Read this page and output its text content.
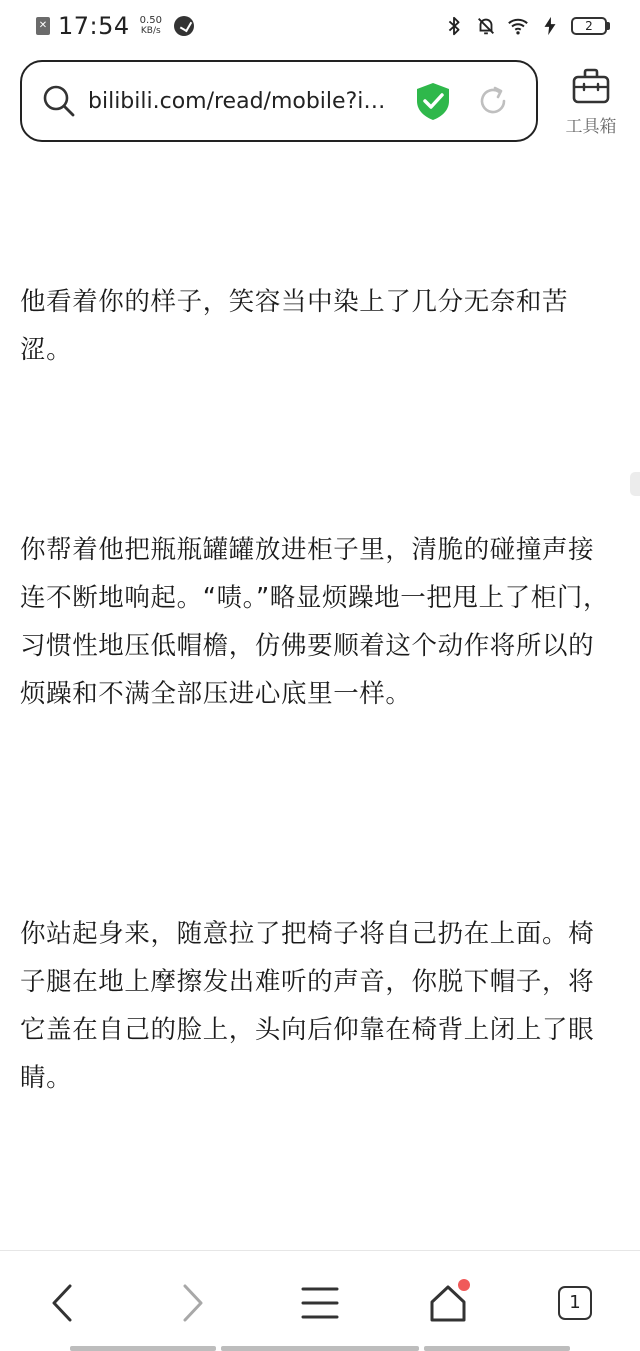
✕ 17:54 0.50
KB/s	2
bilibili.com/read/mobile?i…
工具箱

他看着你的样子，笑容当中染上了几分无奈和苦涩。

你帮着他把瓶瓶罐罐放进柜子里，清脆的碰撞声接连不断地响起。“啧。”略显烦躁地一把甩上了柜门，习惯性地压低帽檐，仿佛要顺着这个动作将所以的烦躁和不满全部压进心底里一样。

你站起身来，随意拉了把椅子将自己扔在上面。椅子腿在地上摩擦发出难听的声音，你脱下帽子，将它盖在自己的脸上，头向后仰靠在椅背上闭上了眼睛。

1
